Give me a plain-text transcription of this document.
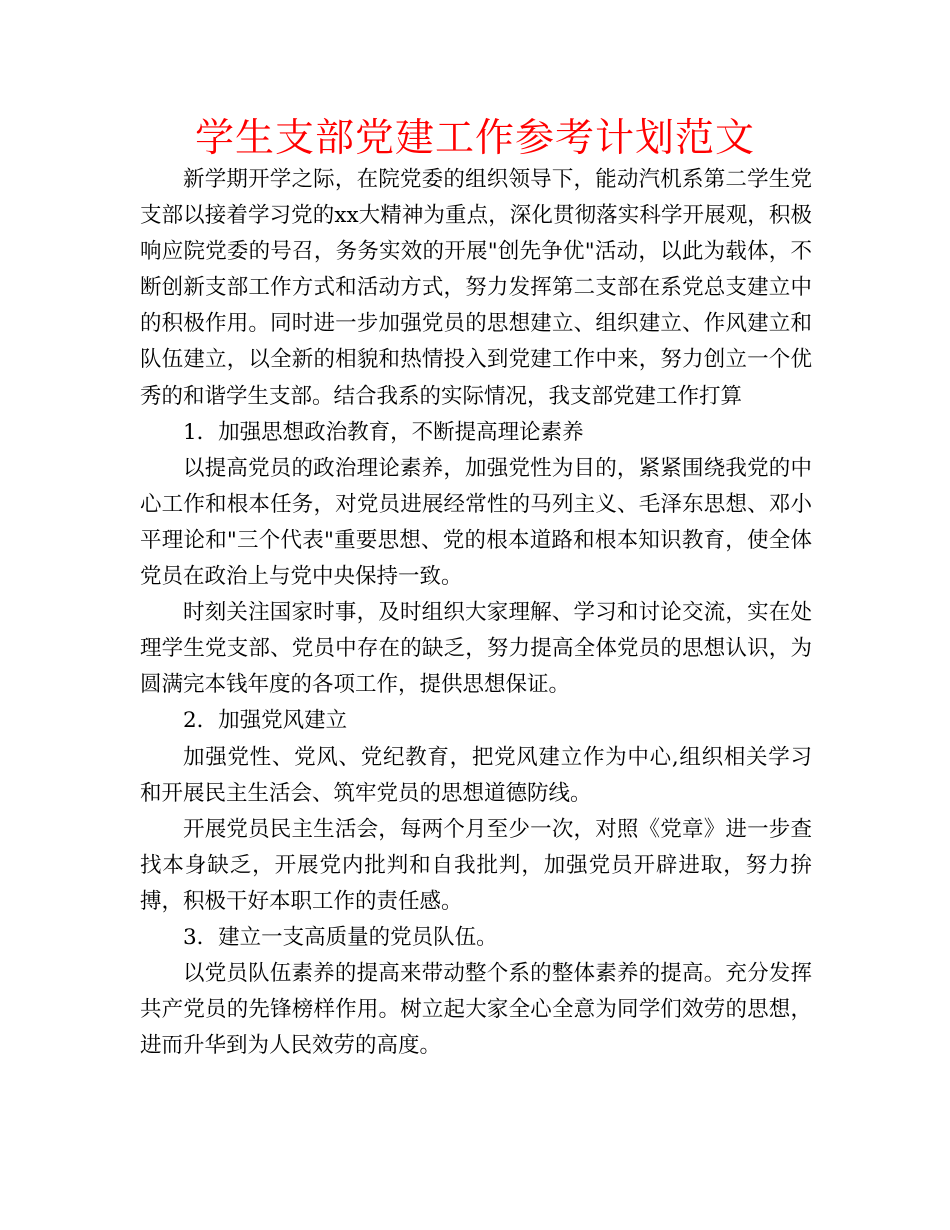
学生支部党建工作参考计划范文

新学期开学之际，在院党委的组织领导下，能动汽机系第二学生党支部以接着学习党的xx大精神为重点，深化贯彻落实科学开展观，积极响应院党委的号召，务务实效的开展"创先争优"活动，以此为载体，不断创新支部工作方式和活动方式，努力发挥第二支部在系党总支建立中的积极作用。同时进一步加强党员的思想建立、组织建立、作风建立和队伍建立，以全新的相貌和热情投入到党建工作中来，努力创立一个优秀的和谐学生支部。结合我系的实际情况，我支部党建工作打算

1．加强思想政治教育，不断提高理论素养

以提高党员的政治理论素养，加强党性为目的，紧紧围绕我党的中心工作和根本任务，对党员进展经常性的马列主义、毛泽东思想、邓小平理论和"三个代表"重要思想、党的根本道路和根本知识教育，使全体党员在政治上与党中央保持一致。

时刻关注国家时事，及时组织大家理解、学习和讨论交流，实在处理学生党支部、党员中存在的缺乏，努力提高全体党员的思想认识，为圆满完本钱年度的各项工作，提供思想保证。

2．加强党风建立

加强党性、党风、党纪教育，把党风建立作为中心,组织相关学习和开展民主生活会、筑牢党员的思想道德防线。

开展党员民主生活会，每两个月至少一次，对照《党章》进一步查找本身缺乏，开展党内批判和自我批判，加强党员开辟进取，努力拚搏，积极干好本职工作的责任感。

3．建立一支高质量的党员队伍。

以党员队伍素养的提高来带动整个系的整体素养的提高。充分发挥共产党员的先锋榜样作用。树立起大家全心全意为同学们效劳的思想，进而升华到为人民效劳的高度。
